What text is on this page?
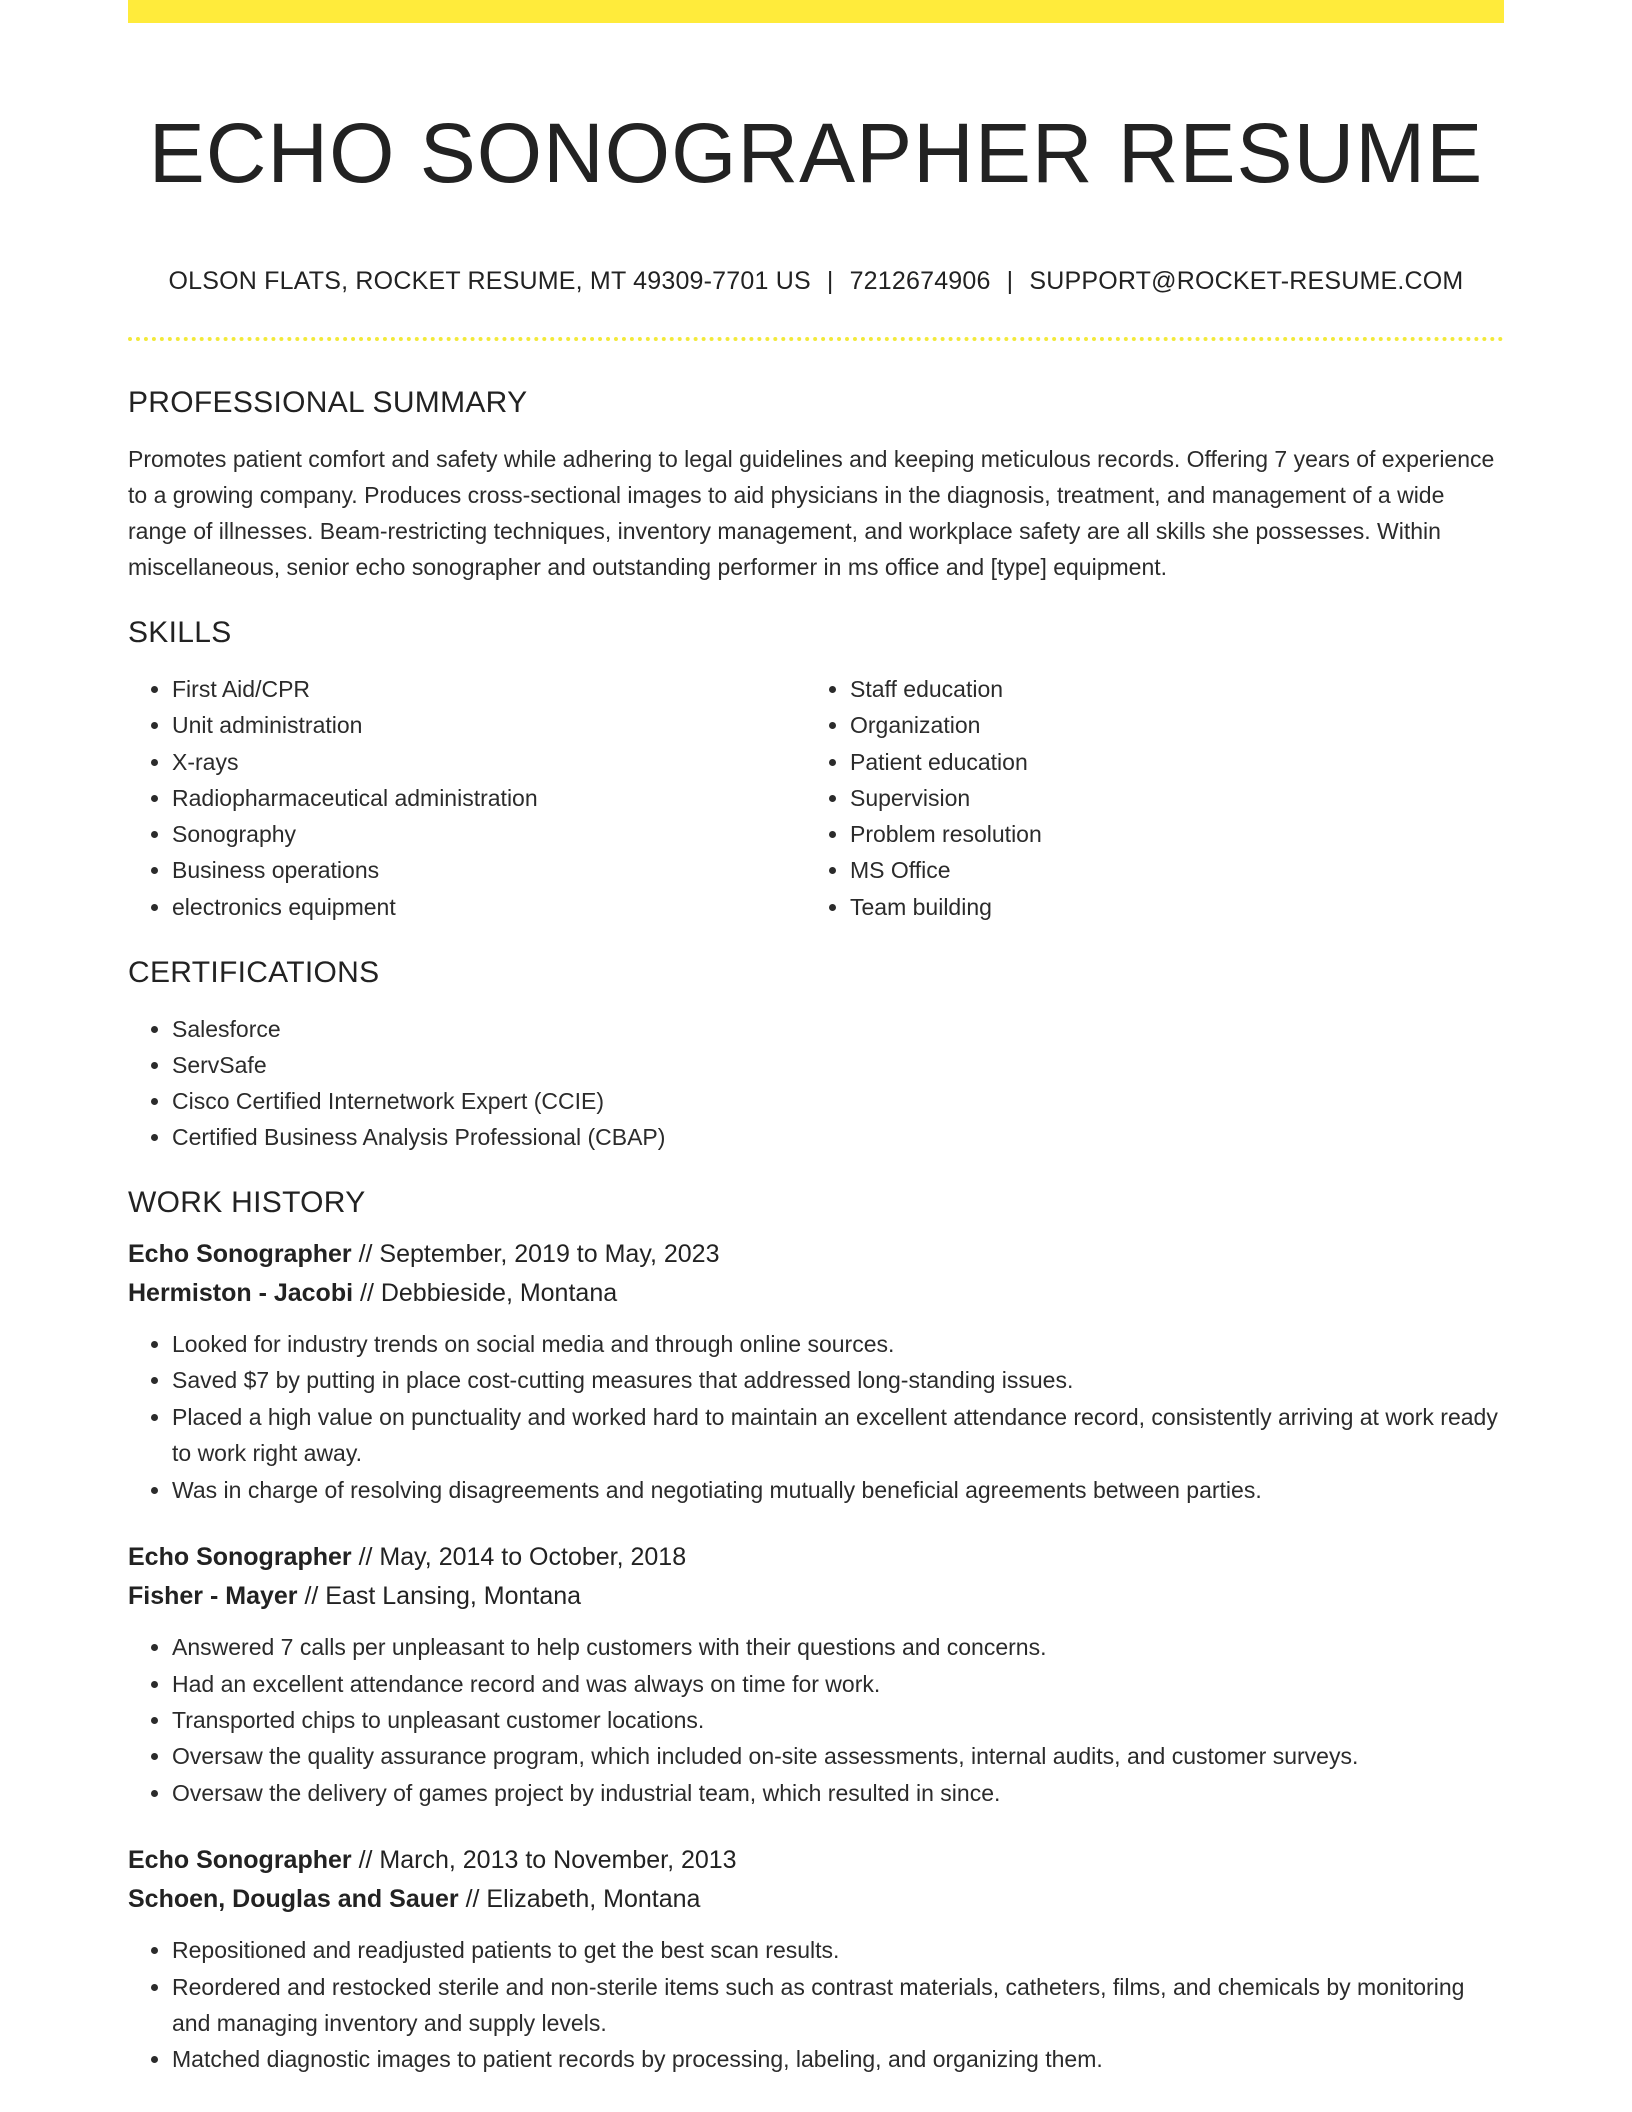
ECHO SONOGRAPHER RESUME
OLSON FLATS, ROCKET RESUME, MT 49309-7701 US | 7212674906 | SUPPORT@ROCKET-RESUME.COM
PROFESSIONAL SUMMARY

Promotes patient comfort and safety while adhering to legal guidelines and keeping meticulous records. Offering 7 years of experience to a growing company. Produces cross-sectional images to aid physicians in the diagnosis, treatment, and management of a wide range of illnesses. Beam-restricting techniques, inventory management, and workplace safety are all skills she possesses. Within miscellaneous, senior echo sonographer and outstanding performer in ms office and [type] equipment.

SKILLS
• First Aid/CPR
• Unit administration
• X-rays
• Radiopharmaceutical administration
• Sonography
• Business operations
• electronics equipment
• Staff education
• Organization
• Patient education
• Supervision
• Problem resolution
• MS Office
• Team building
CERTIFICATIONS
• Salesforce
• ServSafe
• Cisco Certified Internetwork Expert (CCIE)
• Certified Business Analysis Professional (CBAP)
WORK HISTORY
Echo Sonographer // September, 2019 to May, 2023
Hermiston - Jacobi // Debbieside, Montana
• Looked for industry trends on social media and through online sources.
• Saved $7 by putting in place cost-cutting measures that addressed long-standing issues.
• Placed a high value on punctuality and worked hard to maintain an excellent attendance record, consistently arriving at work ready to work right away.
• Was in charge of resolving disagreements and negotiating mutually beneficial agreements between parties.
Echo Sonographer // May, 2014 to October, 2018
Fisher - Mayer // East Lansing, Montana
• Answered 7 calls per unpleasant to help customers with their questions and concerns.
• Had an excellent attendance record and was always on time for work.
• Transported chips to unpleasant customer locations.
• Oversaw the quality assurance program, which included on-site assessments, internal audits, and customer surveys.
• Oversaw the delivery of games project by industrial team, which resulted in since.
Echo Sonographer // March, 2013 to November, 2013
Schoen, Douglas and Sauer // Elizabeth, Montana
• Repositioned and readjusted patients to get the best scan results.
• Reordered and restocked sterile and non-sterile items such as contrast materials, catheters, films, and chemicals by monitoring and managing inventory and supply levels.
• Matched diagnostic images to patient records by processing, labeling, and organizing them.
